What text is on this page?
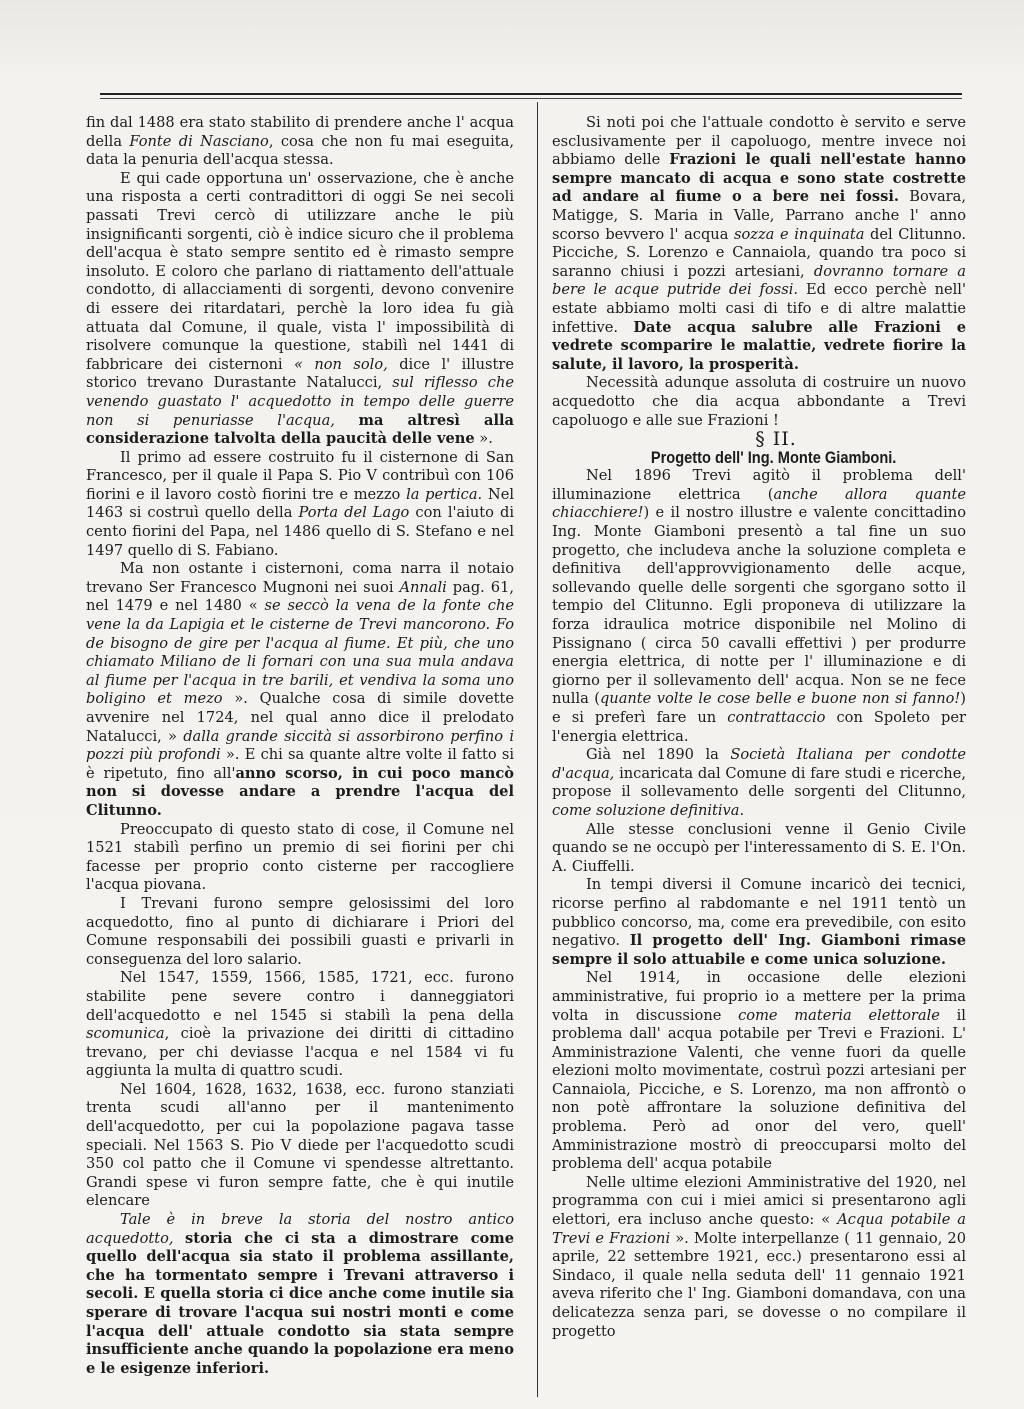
fin dal 1488 era stato stabilito di prendere anche l' acqua della Fonte di Nasciano, cosa che non fu mai eseguita, data la penuria dell'acqua stessa.

E qui cade opportuna un' osservazione, che è anche una risposta a certi contradittori di oggi Se nei secoli passati Trevi cercò di utilizzare anche le più insignificanti sorgenti, ciò è indice sicuro che il problema dell'acqua è stato sempre sentito ed è rimasto sempre insoluto. E coloro che parlano di riattamento dell'attuale condotto, di allacciamenti di sorgenti, devono convenire di essere dei ritardatari, perchè la loro idea fu già attuata dal Comune, il quale, vista l' impossibilità di risolvere comunque la questione, stabilì nel 1441 di fabbricare dei cisternoni « non solo, dice l' illustre storico trevano Durastante Natalucci, sul riflesso che venendo guastato l' acquedotto in tempo delle guerre non si penuriasse l'acqua, ma altresì alla considerazione talvolta della paucità delle vene ».

Il primo ad essere costruito fu il cisternone di San Francesco, per il quale il Papa S. Pio V contribuì con 106 fiorini e il lavoro costò fiorini tre e mezzo la pertica. Nel 1463 si costruì quello della Porta del Lago con l'aiuto di cento fiorini del Papa, nel 1486 quello di S. Stefano e nel 1497 quello di S. Fabiano.

Ma non ostante i cisternoni, coma narra il notaio trevano Ser Francesco Mugnoni nei suoi Annali pag. 61, nel 1479 e nel 1480 « se seccò la vena de la fonte che vene la da Lapigia et le cisterne de Trevi mancorono. Fo de bisogno de gire per l'acqua al fiume. Et più, che uno chiamato Miliano de li fornari con una sua mula andava al fiume per l'acqua in tre barili, et vendiva la soma uno boligino et mezo ». Qualche cosa di simile dovette avvenire nel 1724, nel qual anno dice il prelodato Natalucci, » dalla grande siccità si assorbirono perfino i pozzi più profondi ». E chi sa quante altre volte il fatto si è ripetuto, fino all'anno scorso, in cui poco mancò non si dovesse andare a prendre l'acqua del Clitunno.

Preoccupato di questo stato di cose, il Comune nel 1521 stabilì perfino un premio di sei fiorini per chi facesse per proprio conto cisterne per raccogliere l'acqua piovana.

I Trevani furono sempre gelosissimi del loro acquedotto, fino al punto di dichiarare i Priori del Comune responsabili dei possibili guasti e privarli in conseguenza del loro salario.

Nel 1547, 1559, 1566, 1585, 1721, ecc. furono stabilite pene severe contro i danneggiatori dell'acquedotto e nel 1545 si stabilì la pena della scomunica, cioè la privazione dei diritti di cittadino trevano, per chi deviasse l'acqua e nel 1584 vi fu aggiunta la multa di quattro scudi.

Nel 1604, 1628, 1632, 1638, ecc. furono stanziati trenta scudi all'anno per il mantenimento dell'acquedotto, per cui la popolazione pagava tasse speciali. Nel 1563 S. Pio V diede per l'acquedotto scudi 350 col patto che il Comune vi spendesse altrettanto. Grandi spese vi furon sempre fatte, che è qui inutile elencare

Tale è in breve la storia del nostro antico acquedotto, storia che ci sta a dimostrare come quello dell'acqua sia stato il problema assillante, che ha tormentato sempre i Trevani attraverso i secoli. E quella storia ci dice anche come inutile sia sperare di trovare l'acqua sui nostri monti e come l'acqua dell' attuale condotto sia stata sempre insufficiente anche quando la popolazione era meno e le esigenze inferiori.

Si noti poi che l'attuale condotto è servito e serve esclusivamente per il capoluogo, mentre invece noi abbiamo delle Frazioni le quali nell'estate hanno sempre mancato di acqua e sono state costrette ad andare al fiume o a bere nei fossi. Bovara, Matigge, S. Maria in Valle, Parrano anche l' anno scorso bevvero l' acqua sozza e inquinata del Clitunno. Picciche, S. Lorenzo e Cannaiola, quando tra poco si saranno chiusi i pozzi artesiani, dovranno tornare a bere le acque putride dei fossi. Ed ecco perchè nell' estate abbiamo molti casi di tifo e di altre malattie infettive. Date acqua salubre alle Frazioni e vedrete scomparire le malattie, vedrete fiorire la salute, il lavoro, la prosperità.

Necessità adunque assoluta di costruire un nuovo acquedotto che dia acqua abbondante a Trevi capoluogo e alle sue Frazioni !

§ II.

Progetto dell' Ing. Monte Giamboni.

Nel 1896 Trevi agitò il problema dell' illuminazione elettrica (anche allora quante chiacchiere!) e il nostro illustre e valente concittadino Ing. Monte Giamboni presentò a tal fine un suo progetto, che includeva anche la soluzione completa e definitiva dell'approvvigionamento delle acque, sollevando quelle delle sorgenti che sgorgano sotto il tempio del Clitunno. Egli proponeva di utilizzare la forza idraulica motrice disponibile nel Molino di Pissignano ( circa 50 cavalli effettivi ) per produrre energia elettrica, di notte per l' illuminazione e di giorno per il sollevamento dell' acqua. Non se ne fece nulla (quante volte le cose belle e buone non si fanno!) e si preferì fare un contrattaccio con Spoleto per l'energia elettrica.

Già nel 1890 la Società Italiana per condotte d'acqua, incaricata dal Comune di fare studi e ricerche, propose il sollevamento delle sorgenti del Clitunno, come soluzione definitiva.

Alle stesse conclusioni venne il Genio Civile quando se ne occupò per l'interessamento di S. E. l'On. A. Ciuffelli.

In tempi diversi il Comune incaricò dei tecnici, ricorse perfino al rabdomante e nel 1911 tentò un pubblico concorso, ma, come era prevedibile, con esito negativo. Il progetto dell' Ing. Giamboni rimase sempre il solo attuabile e come unica soluzione.

Nel 1914, in occasione delle elezioni amministrative, fui proprio io a mettere per la prima volta in discussione come materia elettorale il problema dall' acqua potabile per Trevi e Frazioni. L' Amministrazione Valenti, che venne fuori da quelle elezioni molto movimentate, costruì pozzi artesiani per Cannaiola, Picciche, e S. Lorenzo, ma non affrontò o non potè affrontare la soluzione definitiva del problema. Però ad onor del vero, quell' Amministrazione mostrò di preoccuparsi molto del problema dell' acqua potabile

Nelle ultime elezioni Amministrative del 1920, nel programma con cui i miei amici si presentarono agli elettori, era incluso anche questo: « Acqua potabile a Trevi e Frazioni ». Molte interpellanze ( 11 gennaio, 20 aprile, 22 settembre 1921, ecc.) presentarono essi al Sindaco, il quale nella seduta dell' 11 gennaio 1921 aveva riferito che l' Ing. Giamboni domandava, con una delicatezza senza pari, se dovesse o no compilare il progetto
